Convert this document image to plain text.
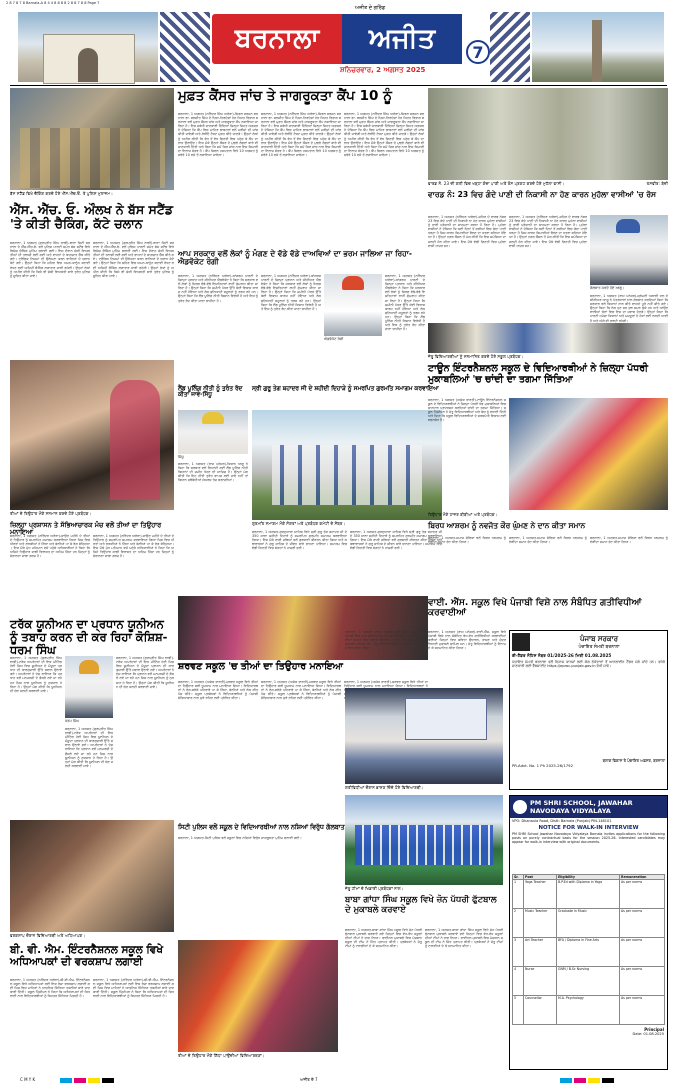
2 8 7 8 7 8 Barnala-A 8 4 4 8 8 8 8 2 8 8 7 8 8 Page 7
ਬਰਨਾਲਾ	ਅਜੀਤ
ਅਜੀਤ ਦੇ ਗਰਿੱਡ
ਸ਼ਨਿਚਰਵਾਰ, 2 ਅਗਸਤ 2025
7
ਬੱਸ ਸਟੈਂਡ ਵਿਖੇ ਚੈਕਿੰਗ ਕਰਦੇ ਹੋਏ ਐੱਸ.ਐੱਚ.ਓ. ਤੇ ਪੁਲਿਸ ਮੁਲਾਜ਼ਮ।
ਐੱਸ. ਐੱਚ. ਓ. ਔਲਖ ਨੇ ਬੱਸ ਸਟੈਂਡ 'ਤੇ ਕੀਤੀ ਚੈਕਿੰਗ, ਕੱਟੇ ਚਲਾਨ
ਬਰਨਾਲਾ, 1 ਅਗਸਤ (ਗੁਰਪ੍ਰੀਤ ਸਿੰਘ ਲਾਡੀ)-ਥਾਣਾ ਸਿਟੀ ਬਰਨਾਲਾ ਦੇ ਐੱਸ.ਐੱਚ.ਓ. ਵਲੋਂ ਪੁਲਿਸ ਪਾਰਟੀ ਸਮੇਤ ਬੱਸ ਸਟੈਂਡ ਵਿਖੇ ਵਿਸ਼ੇਸ਼ ਚੈਕਿੰਗ ਮੁਹਿੰਮ ਚਲਾਈ ਗਈ। ਇਸ ਦੌਰਾਨ ਸ਼ੱਕੀ ਵਿਅਕਤੀਆਂ ਦੀ ਤਲਾਸ਼ੀ ਲਈ ਗਈ ਅਤੇ ਵਾਹਨਾਂ ਦੇ ਕਾਗ਼ਜ਼ਾਤ ਚੈੱਕ ਕੀਤੇ ਗਏ। ਟ੍ਰੈਫ਼ਿਕ ਨਿਯਮਾਂ ਦੀ ਉਲੰਘਣਾ ਕਰਨ ਵਾਲਿਆਂ ਦੇ ਚਲਾਨ ਕੱਟੇ ਗਏ। ਉਨ੍ਹਾਂ ਕਿਹਾ ਕਿ ਸ਼ਹਿਰ ਵਿਚ ਅਮਨ-ਕਾਨੂੰਨ ਬਣਾਈ ਰੱਖਣ ਲਈ ਅਜਿਹੀ ਚੈਕਿੰਗ ਲਗਾਤਾਰ ਜਾਰੀ ਰਹੇਗੀ। ਉਨ੍ਹਾਂ ਲੋਕਾਂ ਨੂੰ ਅਪੀਲ ਕੀਤੀ ਕਿ ਕਿਸੇ ਵੀ ਸ਼ੱਕੀ ਵਿਅਕਤੀ ਬਾਰੇ ਤੁਰੰਤ ਪੁਲਿਸ ਨੂੰ ਸੂਚਿਤ ਕੀਤਾ ਜਾਵੇ।
ਬਰਨਾਲਾ, 1 ਅਗਸਤ (ਗੁਰਪ੍ਰੀਤ ਸਿੰਘ ਲਾਡੀ)-ਥਾਣਾ ਸਿਟੀ ਬਰਨਾਲਾ ਦੇ ਐੱਸ.ਐੱਚ.ਓ. ਵਲੋਂ ਪੁਲਿਸ ਪਾਰਟੀ ਸਮੇਤ ਬੱਸ ਸਟੈਂਡ ਵਿਖੇ ਵਿਸ਼ੇਸ਼ ਚੈਕਿੰਗ ਮੁਹਿੰਮ ਚਲਾਈ ਗਈ। ਇਸ ਦੌਰਾਨ ਸ਼ੱਕੀ ਵਿਅਕਤੀਆਂ ਦੀ ਤਲਾਸ਼ੀ ਲਈ ਗਈ ਅਤੇ ਵਾਹਨਾਂ ਦੇ ਕਾਗ਼ਜ਼ਾਤ ਚੈੱਕ ਕੀਤੇ ਗਏ। ਟ੍ਰੈਫ਼ਿਕ ਨਿਯਮਾਂ ਦੀ ਉਲੰਘਣਾ ਕਰਨ ਵਾਲਿਆਂ ਦੇ ਚਲਾਨ ਕੱਟੇ ਗਏ। ਉਨ੍ਹਾਂ ਕਿਹਾ ਕਿ ਸ਼ਹਿਰ ਵਿਚ ਅਮਨ-ਕਾਨੂੰਨ ਬਣਾਈ ਰੱਖਣ ਲਈ ਅਜਿਹੀ ਚੈਕਿੰਗ ਲਗਾਤਾਰ ਜਾਰੀ ਰਹੇਗੀ। ਉਨ੍ਹਾਂ ਲੋਕਾਂ ਨੂੰ ਅਪੀਲ ਕੀਤੀ ਕਿ ਕਿਸੇ ਵੀ ਸ਼ੱਕੀ ਵਿਅਕਤੀ ਬਾਰੇ ਤੁਰੰਤ ਪੁਲਿਸ ਨੂੰ ਸੂਚਿਤ ਕੀਤਾ ਜਾਵੇ।
ਤੀਆਂ ਦੇ ਤਿਉਹਾਰ ਮੌਕੇ ਸਨਮਾਨ ਕਰਦੇ ਹੋਏ ਪ੍ਰਬੰਧਕ।
ਜ਼ਿਲ੍ਹਾ ਪ੍ਰਸ਼ਾਸਨ ਤੇ ਸੱਭਿਆਚਾਰਕ ਮੰਚ ਵਲੋਂ ਤੀਆਂ ਦਾ ਤਿਉਹਾਰ ਮਨਾਇਆ
ਬਰਨਾਲਾ, 1 ਅਗਸਤ (ਨਰਿੰਦਰ ਅਰੋੜਾ)-ਸਾਉਣ ਮਹੀਨੇ ਦੇ ਤੀਆਂ ਦੇ ਤਿਉਹਾਰ ਨੂੰ ਸਮਰਪਿਤ ਸਮਾਗਮ ਕਰਵਾਇਆ ਗਿਆ ਜਿਸ ਵਿਚ ਔਰਤਾਂ ਅਤੇ ਲੜਕੀਆਂ ਨੇ ਗਿੱਧਾ ਅਤੇ ਬੋਲੀਆਂ ਪਾ ਕੇ ਰੰਗ ਬੰਨ੍ਹਿਆ। ਇਸ ਮੌਕੇ ਮੁੱਖ ਮਹਿਮਾਨ ਵਜੋਂ ਪਹੁੰਚੇ ਅਧਿਕਾਰੀਆਂ ਨੇ ਕਿਹਾ ਕਿ ਅਜਿਹੇ ਤਿਉਹਾਰ ਸਾਡੀ ਵਿਰਾਸਤ ਦਾ ਅਹਿਮ ਹਿੱਸਾ ਹਨ ਜਿਨ੍ਹਾਂ ਨੂੰ ਸੰਭਾਲਣਾ ਸਾਡਾ ਫ਼ਰਜ਼ ਹੈ।
ਬਰਨਾਲਾ, 1 ਅਗਸਤ (ਨਰਿੰਦਰ ਅਰੋੜਾ)-ਸਾਉਣ ਮਹੀਨੇ ਦੇ ਤੀਆਂ ਦੇ ਤਿਉਹਾਰ ਨੂੰ ਸਮਰਪਿਤ ਸਮਾਗਮ ਕਰਵਾਇਆ ਗਿਆ ਜਿਸ ਵਿਚ ਔਰਤਾਂ ਅਤੇ ਲੜਕੀਆਂ ਨੇ ਗਿੱਧਾ ਅਤੇ ਬੋਲੀਆਂ ਪਾ ਕੇ ਰੰਗ ਬੰਨ੍ਹਿਆ। ਇਸ ਮੌਕੇ ਮੁੱਖ ਮਹਿਮਾਨ ਵਜੋਂ ਪਹੁੰਚੇ ਅਧਿਕਾਰੀਆਂ ਨੇ ਕਿਹਾ ਕਿ ਅਜਿਹੇ ਤਿਉਹਾਰ ਸਾਡੀ ਵਿਰਾਸਤ ਦਾ ਅਹਿਮ ਹਿੱਸਾ ਹਨ ਜਿਨ੍ਹਾਂ ਨੂੰ ਸੰਭਾਲਣਾ ਸਾਡਾ ਫ਼ਰਜ਼ ਹੈ।
ਟਰੱਕ ਯੂਨੀਅਨ ਦਾ ਪ੍ਰਧਾਨ ਯੂਨੀਅਨ ਨੂੰ ਤਬਾਹ ਕਰਨ ਦੀ ਕਰ ਰਿਹਾ ਕੋਸ਼ਿਸ਼-ਧਰਮ ਸਿੰਘ
ਬਰਨਾਲਾ, 1 ਅਗਸਤ (ਗੁਰਪ੍ਰੀਤ ਸਿੰਘ ਲਾਡੀ)-ਟਰੱਕ ਅਪਰੇਟਰਾਂ ਦੀ ਇਕ ਮੀਟਿੰਗ ਹੋਈ ਜਿਸ ਵਿਚ ਯੂਨੀਅਨ ਦੇ ਮੌਜੂਦਾ ਪ੍ਰਧਾਨ ਦੀ ਕਾਰਗੁਜ਼ਾਰੀ ਉੱਤੇ ਸਵਾਲ ਉਠਾਏ ਗਏ। ਅਪਰੇਟਰਾਂ ਨੇ ਦੋਸ਼ ਲਾਇਆ ਕਿ ਪ੍ਰਧਾਨ ਵਲੋਂ ਮਨਮਰਜ਼ੀ ਦੇ ਫ਼ੈਸਲੇ ਲਏ ਜਾ ਰਹੇ ਹਨ ਜਿਸ ਨਾਲ ਯੂਨੀਅਨ ਨੂੰ ਨੁਕਸਾਨ ਹੋ ਰਿਹਾ ਹੈ। ਉਨ੍ਹਾਂ ਮੰਗ ਕੀਤੀ ਕਿ ਯੂਨੀਅਨ ਦੀ ਚੋਣ ਜਲਦੀ ਕਰਵਾਈ ਜਾਵੇ।
ਧਰਮ ਸਿੰਘ
ਬਰਨਾਲਾ, 1 ਅਗਸਤ (ਗੁਰਪ੍ਰੀਤ ਸਿੰਘ ਲਾਡੀ)-ਟਰੱਕ ਅਪਰੇਟਰਾਂ ਦੀ ਇਕ ਮੀਟਿੰਗ ਹੋਈ ਜਿਸ ਵਿਚ ਯੂਨੀਅਨ ਦੇ ਮੌਜੂਦਾ ਪ੍ਰਧਾਨ ਦੀ ਕਾਰਗੁਜ਼ਾਰੀ ਉੱਤੇ ਸਵਾਲ ਉਠਾਏ ਗਏ। ਅਪਰੇਟਰਾਂ ਨੇ ਦੋਸ਼ ਲਾਇਆ ਕਿ ਪ੍ਰਧਾਨ ਵਲੋਂ ਮਨਮਰਜ਼ੀ ਦੇ ਫ਼ੈਸਲੇ ਲਏ ਜਾ ਰਹੇ ਹਨ ਜਿਸ ਨਾਲ ਯੂਨੀਅਨ ਨੂੰ ਨੁਕਸਾਨ ਹੋ ਰਿਹਾ ਹੈ। ਉਨ੍ਹਾਂ ਮੰਗ ਕੀਤੀ ਕਿ ਯੂਨੀਅਨ ਦੀ ਚੋਣ ਜਲਦੀ ਕਰਵਾਈ ਜਾਵੇ।
ਬਰਨਾਲਾ, 1 ਅਗਸਤ (ਗੁਰਪ੍ਰੀਤ ਸਿੰਘ ਲਾਡੀ)-ਟਰੱਕ ਅਪਰੇਟਰਾਂ ਦੀ ਇਕ ਮੀਟਿੰਗ ਹੋਈ ਜਿਸ ਵਿਚ ਯੂਨੀਅਨ ਦੇ ਮੌਜੂਦਾ ਪ੍ਰਧਾਨ ਦੀ ਕਾਰਗੁਜ਼ਾਰੀ ਉੱਤੇ ਸਵਾਲ ਉਠਾਏ ਗਏ। ਅਪਰੇਟਰਾਂ ਨੇ ਦੋਸ਼ ਲਾਇਆ ਕਿ ਪ੍ਰਧਾਨ ਵਲੋਂ ਮਨਮਰਜ਼ੀ ਦੇ ਫ਼ੈਸਲੇ ਲਏ ਜਾ ਰਹੇ ਹਨ ਜਿਸ ਨਾਲ ਯੂਨੀਅਨ ਨੂੰ ਨੁਕਸਾਨ ਹੋ ਰਿਹਾ ਹੈ। ਉਨ੍ਹਾਂ ਮੰਗ ਕੀਤੀ ਕਿ ਯੂਨੀਅਨ ਦੀ ਚੋਣ ਜਲਦੀ ਕਰਵਾਈ ਜਾਵੇ।
ਵਰਕਸ਼ਾਪ ਦੌਰਾਨ ਵਿਦਿਆਰਥੀ ਅਤੇ ਅਧਿਆਪਕ।
ਬੀ. ਵੀ. ਐਮ. ਇੰਟਰਨੈਸ਼ਨਲ ਸਕੂਲ ਵਿਖੇ ਅਧਿਆਪਕਾਂ ਦੀ ਵਰਕਸ਼ਾਪ ਲਗਾਈ
ਬਰਨਾਲਾ, 1 ਅਗਸਤ (ਨਰਿੰਦਰ ਅਰੋੜਾ)-ਬੀ.ਵੀ.ਐਮ. ਇੰਟਰਨੈਸ਼ਨਲ ਸਕੂਲ ਵਿਖੇ ਅਧਿਆਪਕਾਂ ਲਈ ਇਕ ਰੋਜ਼ਾ ਵਰਕਸ਼ਾਪ ਲਗਾਈ ਗਈ ਜਿਸ ਵਿਚ ਮਾਹਿਰਾਂ ਨੇ ਆਧੁਨਿਕ ਸਿੱਖਿਆ ਤਕਨੀਕਾਂ ਬਾਰੇ ਜਾਣਕਾਰੀ ਦਿੱਤੀ। ਸਕੂਲ ਪਿ੍ੰਸੀਪਲ ਨੇ ਕਿਹਾ ਕਿ ਅਧਿਆਪਕਾਂ ਦੀ ਸਿਖਲਾਈ ਨਾਲ ਵਿਦਿਆਰਥੀਆਂ ਨੂੰ ਬਿਹਤਰ ਸਿੱਖਿਆ ਮਿਲਦੀ ਹੈ।
ਬਰਨਾਲਾ, 1 ਅਗਸਤ (ਨਰਿੰਦਰ ਅਰੋੜਾ)-ਬੀ.ਵੀ.ਐਮ. ਇੰਟਰਨੈਸ਼ਨਲ ਸਕੂਲ ਵਿਖੇ ਅਧਿਆਪਕਾਂ ਲਈ ਇਕ ਰੋਜ਼ਾ ਵਰਕਸ਼ਾਪ ਲਗਾਈ ਗਈ ਜਿਸ ਵਿਚ ਮਾਹਿਰਾਂ ਨੇ ਆਧੁਨਿਕ ਸਿੱਖਿਆ ਤਕਨੀਕਾਂ ਬਾਰੇ ਜਾਣਕਾਰੀ ਦਿੱਤੀ। ਸਕੂਲ ਪਿ੍ੰਸੀਪਲ ਨੇ ਕਿਹਾ ਕਿ ਅਧਿਆਪਕਾਂ ਦੀ ਸਿਖਲਾਈ ਨਾਲ ਵਿਦਿਆਰਥੀਆਂ ਨੂੰ ਬਿਹਤਰ ਸਿੱਖਿਆ ਮਿਲਦੀ ਹੈ।
ਮੁਫ਼ਤ ਕੈਂਸਰ ਜਾਂਚ ਤੇ ਜਾਗਰੂਕਤਾ ਕੈਂਪ 10 ਨੂੰ
ਬਰਨਾਲਾ, 1 ਅਗਸਤ (ਨਰਿੰਦਰ ਸਿੰਘ ਅਰੋੜਾ)-ਸਿਵਲ ਸਰਜਨ ਬਰਨਾਲਾ ਡਾ. ਬਲਜੀਤ ਸਿੰਘ ਦੇ ਦਿਸ਼ਾ-ਨਿਰਦੇਸ਼ਾਂ ਹੇਠ ਸਿਹਤ ਵਿਭਾਗ ਬਰਨਾਲਾ ਵਲੋਂ ਮੁਫ਼ਤ ਕੈਂਸਰ ਜਾਂਚ ਅਤੇ ਜਾਗਰੂਕਤਾ ਕੈਂਪ ਲਗਾਇਆ ਜਾ ਰਿਹਾ ਹੈ। ਇਸ ਸਬੰਧੀ ਜਾਣਕਾਰੀ ਦਿੰਦਿਆਂ ਜ਼ਿਲ੍ਹਾ ਸਿਹਤ ਅਫ਼ਸਰ ਨੇ ਦੱਸਿਆ ਕਿ ਕੈਂਪ ਵਿਚ ਮਾਹਿਰ ਡਾਕਟਰਾਂ ਵਲੋਂ ਮਰੀਜ਼ਾਂ ਦੀ ਜਾਂਚ ਕੀਤੀ ਜਾਵੇਗੀ ਅਤੇ ਲੋੜੀਂਦੇ ਟੈਸਟ ਮੁਫ਼ਤ ਕੀਤੇ ਜਾਣਗੇ। ਉਨ੍ਹਾਂ ਲੋਕਾਂ ਨੂੰ ਅਪੀਲ ਕੀਤੀ ਕਿ ਵੱਧ ਤੋਂ ਵੱਧ ਗਿਣਤੀ ਵਿਚ ਪਹੁੰਚ ਕੇ ਕੈਂਪ ਦਾ ਲਾਭ ਉਠਾਉਣ। ਇਸ ਮੌਕੇ ਉਨ੍ਹਾਂ ਕੈਂਸਰ ਦੇ ਮੁਢਲੇ ਲੱਛਣਾਂ ਬਾਰੇ ਵੀ ਜਾਣਕਾਰੀ ਦਿੱਤੀ ਅਤੇ ਕਿਹਾ ਕਿ ਸਮੇਂ ਸਿਰ ਜਾਂਚ ਨਾਲ ਇਸ ਬਿਮਾਰੀ ਦਾ ਇਲਾਜ ਸੰਭਵ ਹੈ। ਕੈਂਪ ਸਿਵਲ ਹਸਪਤਾਲ ਵਿਖੇ 10 ਅਗਸਤ ਨੂੰ ਸਵੇਰੇ 10 ਵਜੇ ਤੋਂ ਲਗਾਇਆ ਜਾਵੇਗਾ।
ਬਰਨਾਲਾ, 1 ਅਗਸਤ (ਨਰਿੰਦਰ ਸਿੰਘ ਅਰੋੜਾ)-ਸਿਵਲ ਸਰਜਨ ਬਰਨਾਲਾ ਡਾ. ਬਲਜੀਤ ਸਿੰਘ ਦੇ ਦਿਸ਼ਾ-ਨਿਰਦੇਸ਼ਾਂ ਹੇਠ ਸਿਹਤ ਵਿਭਾਗ ਬਰਨਾਲਾ ਵਲੋਂ ਮੁਫ਼ਤ ਕੈਂਸਰ ਜਾਂਚ ਅਤੇ ਜਾਗਰੂਕਤਾ ਕੈਂਪ ਲਗਾਇਆ ਜਾ ਰਿਹਾ ਹੈ। ਇਸ ਸਬੰਧੀ ਜਾਣਕਾਰੀ ਦਿੰਦਿਆਂ ਜ਼ਿਲ੍ਹਾ ਸਿਹਤ ਅਫ਼ਸਰ ਨੇ ਦੱਸਿਆ ਕਿ ਕੈਂਪ ਵਿਚ ਮਾਹਿਰ ਡਾਕਟਰਾਂ ਵਲੋਂ ਮਰੀਜ਼ਾਂ ਦੀ ਜਾਂਚ ਕੀਤੀ ਜਾਵੇਗੀ ਅਤੇ ਲੋੜੀਂਦੇ ਟੈਸਟ ਮੁਫ਼ਤ ਕੀਤੇ ਜਾਣਗੇ। ਉਨ੍ਹਾਂ ਲੋਕਾਂ ਨੂੰ ਅਪੀਲ ਕੀਤੀ ਕਿ ਵੱਧ ਤੋਂ ਵੱਧ ਗਿਣਤੀ ਵਿਚ ਪਹੁੰਚ ਕੇ ਕੈਂਪ ਦਾ ਲਾਭ ਉਠਾਉਣ। ਇਸ ਮੌਕੇ ਉਨ੍ਹਾਂ ਕੈਂਸਰ ਦੇ ਮੁਢਲੇ ਲੱਛਣਾਂ ਬਾਰੇ ਵੀ ਜਾਣਕਾਰੀ ਦਿੱਤੀ ਅਤੇ ਕਿਹਾ ਕਿ ਸਮੇਂ ਸਿਰ ਜਾਂਚ ਨਾਲ ਇਸ ਬਿਮਾਰੀ ਦਾ ਇਲਾਜ ਸੰਭਵ ਹੈ। ਕੈਂਪ ਸਿਵਲ ਹਸਪਤਾਲ ਵਿਖੇ 10 ਅਗਸਤ ਨੂੰ ਸਵੇਰੇ 10 ਵਜੇ ਤੋਂ ਲਗਾਇਆ ਜਾਵੇਗਾ।
ਬਰਨਾਲਾ, 1 ਅਗਸਤ (ਨਰਿੰਦਰ ਸਿੰਘ ਅਰੋੜਾ)-ਸਿਵਲ ਸਰਜਨ ਬਰਨਾਲਾ ਡਾ. ਬਲਜੀਤ ਸਿੰਘ ਦੇ ਦਿਸ਼ਾ-ਨਿਰਦੇਸ਼ਾਂ ਹੇਠ ਸਿਹਤ ਵਿਭਾਗ ਬਰਨਾਲਾ ਵਲੋਂ ਮੁਫ਼ਤ ਕੈਂਸਰ ਜਾਂਚ ਅਤੇ ਜਾਗਰੂਕਤਾ ਕੈਂਪ ਲਗਾਇਆ ਜਾ ਰਿਹਾ ਹੈ। ਇਸ ਸਬੰਧੀ ਜਾਣਕਾਰੀ ਦਿੰਦਿਆਂ ਜ਼ਿਲ੍ਹਾ ਸਿਹਤ ਅਫ਼ਸਰ ਨੇ ਦੱਸਿਆ ਕਿ ਕੈਂਪ ਵਿਚ ਮਾਹਿਰ ਡਾਕਟਰਾਂ ਵਲੋਂ ਮਰੀਜ਼ਾਂ ਦੀ ਜਾਂਚ ਕੀਤੀ ਜਾਵੇਗੀ ਅਤੇ ਲੋੜੀਂਦੇ ਟੈਸਟ ਮੁਫ਼ਤ ਕੀਤੇ ਜਾਣਗੇ। ਉਨ੍ਹਾਂ ਲੋਕਾਂ ਨੂੰ ਅਪੀਲ ਕੀਤੀ ਕਿ ਵੱਧ ਤੋਂ ਵੱਧ ਗਿਣਤੀ ਵਿਚ ਪਹੁੰਚ ਕੇ ਕੈਂਪ ਦਾ ਲਾਭ ਉਠਾਉਣ। ਇਸ ਮੌਕੇ ਉਨ੍ਹਾਂ ਕੈਂਸਰ ਦੇ ਮੁਢਲੇ ਲੱਛਣਾਂ ਬਾਰੇ ਵੀ ਜਾਣਕਾਰੀ ਦਿੱਤੀ ਅਤੇ ਕਿਹਾ ਕਿ ਸਮੇਂ ਸਿਰ ਜਾਂਚ ਨਾਲ ਇਸ ਬਿਮਾਰੀ ਦਾ ਇਲਾਜ ਸੰਭਵ ਹੈ। ਕੈਂਪ ਸਿਵਲ ਹਸਪਤਾਲ ਵਿਖੇ 10 ਅਗਸਤ ਨੂੰ ਸਵੇਰੇ 10 ਵਜੇ ਤੋਂ ਲਗਾਇਆ ਜਾਵੇਗਾ।
ਆਪ ਸਰਕਾਰ ਵਲੋਂ ਲੋਕਾਂ ਨੂੰ ਮੰਗਣ ਦੇ ਵੱਡੇ ਵੱਡੇ ਦਾਅਵਿਆਂ ਦਾ ਭਰਮ ਜਾਲਿਆ ਜਾ ਰਿਹਾ-ਐਡਵੋਕੇਟ ਰੰਗੀ
ਬਰਨਾਲਾ, 1 ਅਗਸਤ (ਨਰਿੰਦਰ ਅਰੋੜਾ)-ਕਾਂਗਰਸ ਪਾਰਟੀ ਦੇ ਜ਼ਿਲ੍ਹਾ ਪ੍ਰਧਾਨ ਅਤੇ ਸੀਨੀਅਰ ਐਡਵੋਕੇਟ ਨੇ ਕਿਹਾ ਕਿ ਸਰਕਾਰ ਵਲੋਂ ਲੋਕਾਂ ਨੂੰ ਸਿਰਫ਼ ਵੱਡੇ-ਵੱਡੇ ਇਸ਼ਤਿਹਾਰਾਂ ਰਾਹੀਂ ਗੁੰਮਰਾਹ ਕੀਤਾ ਜਾ ਰਿਹਾ ਹੈ। ਉਨ੍ਹਾਂ ਕਿਹਾ ਕਿ ਜ਼ਮੀਨੀ ਪੱਧਰ ਉੱਤੇ ਕੋਈ ਵਿਕਾਸ ਕਾਰਜ ਨਹੀਂ ਹੋਇਆ ਅਤੇ ਲੋਕ ਬੁਨਿਆਦੀ ਸਹੂਲਤਾਂ ਨੂੰ ਤਰਸ ਰਹੇ ਹਨ। ਉਨ੍ਹਾਂ ਕਿਹਾ ਕਿ ਲੈਂਡ ਪੂਲਿੰਗ ਨੀਤੀ ਕਿਸਾਨ ਵਿਰੋਧੀ ਹੈ ਅਤੇ ਇਸ ਨੂੰ ਤੁਰੰਤ ਰੱਦ ਕੀਤਾ ਜਾਣਾ ਚਾਹੀਦਾ ਹੈ।
ਬਰਨਾਲਾ, 1 ਅਗਸਤ (ਨਰਿੰਦਰ ਅਰੋੜਾ)-ਕਾਂਗਰਸ ਪਾਰਟੀ ਦੇ ਜ਼ਿਲ੍ਹਾ ਪ੍ਰਧਾਨ ਅਤੇ ਸੀਨੀਅਰ ਐਡਵੋਕੇਟ ਨੇ ਕਿਹਾ ਕਿ ਸਰਕਾਰ ਵਲੋਂ ਲੋਕਾਂ ਨੂੰ ਸਿਰਫ਼ ਵੱਡੇ-ਵੱਡੇ ਇਸ਼ਤਿਹਾਰਾਂ ਰਾਹੀਂ ਗੁੰਮਰਾਹ ਕੀਤਾ ਜਾ ਰਿਹਾ ਹੈ। ਉਨ੍ਹਾਂ ਕਿਹਾ ਕਿ ਜ਼ਮੀਨੀ ਪੱਧਰ ਉੱਤੇ ਕੋਈ ਵਿਕਾਸ ਕਾਰਜ ਨਹੀਂ ਹੋਇਆ ਅਤੇ ਲੋਕ ਬੁਨਿਆਦੀ ਸਹੂਲਤਾਂ ਨੂੰ ਤਰਸ ਰਹੇ ਹਨ। ਉਨ੍ਹਾਂ ਕਿਹਾ ਕਿ ਲੈਂਡ ਪੂਲਿੰਗ ਨੀਤੀ ਕਿਸਾਨ ਵਿਰੋਧੀ ਹੈ ਅਤੇ ਇਸ ਨੂੰ ਤੁਰੰਤ ਰੱਦ ਕੀਤਾ ਜਾਣਾ ਚਾਹੀਦਾ ਹੈ।
ਐਡਵੋਕੇਟ ਰੰਗੀ
ਬਰਨਾਲਾ, 1 ਅਗਸਤ (ਨਰਿੰਦਰ ਅਰੋੜਾ)-ਕਾਂਗਰਸ ਪਾਰਟੀ ਦੇ ਜ਼ਿਲ੍ਹਾ ਪ੍ਰਧਾਨ ਅਤੇ ਸੀਨੀਅਰ ਐਡਵੋਕੇਟ ਨੇ ਕਿਹਾ ਕਿ ਸਰਕਾਰ ਵਲੋਂ ਲੋਕਾਂ ਨੂੰ ਸਿਰਫ਼ ਵੱਡੇ-ਵੱਡੇ ਇਸ਼ਤਿਹਾਰਾਂ ਰਾਹੀਂ ਗੁੰਮਰਾਹ ਕੀਤਾ ਜਾ ਰਿਹਾ ਹੈ। ਉਨ੍ਹਾਂ ਕਿਹਾ ਕਿ ਜ਼ਮੀਨੀ ਪੱਧਰ ਉੱਤੇ ਕੋਈ ਵਿਕਾਸ ਕਾਰਜ ਨਹੀਂ ਹੋਇਆ ਅਤੇ ਲੋਕ ਬੁਨਿਆਦੀ ਸਹੂਲਤਾਂ ਨੂੰ ਤਰਸ ਰਹੇ ਹਨ। ਉਨ੍ਹਾਂ ਕਿਹਾ ਕਿ ਲੈਂਡ ਪੂਲਿੰਗ ਨੀਤੀ ਕਿਸਾਨ ਵਿਰੋਧੀ ਹੈ ਅਤੇ ਇਸ ਨੂੰ ਤੁਰੰਤ ਰੱਦ ਕੀਤਾ ਜਾਣਾ ਚਾਹੀਦਾ ਹੈ।
ਲੈਂਡ ਪੂਲਿੰਗ ਨੀਤੀ ਨੂੰ ਤੁਰੰਤ ਰੱਦ ਕੀਤਾ ਜਾਵੇ-ਸਿੱਧੂ
ਸਿੱਧੂ
ਬਰਨਾਲਾ, 1 ਅਗਸਤ (ਰਾਜ ਪਨੇਸਰ)-ਕਿਸਾਨ ਆਗੂ ਨੇ ਕਿਹਾ ਕਿ ਸਰਕਾਰ ਵਲੋਂ ਲਿਆਂਦੀ ਗਈ ਲੈਂਡ ਪੂਲਿੰਗ ਨੀਤੀ ਕਿਸਾਨਾਂ ਦੀ ਜ਼ਮੀਨ ਖੋਹਣ ਦੀ ਸਾਜ਼ਿਸ਼ ਹੈ। ਉਨ੍ਹਾਂ ਮੰਗ ਕੀਤੀ ਕਿ ਇਹ ਨੀਤੀ ਤੁਰੰਤ ਵਾਪਸ ਲਈ ਜਾਵੇ ਨਹੀਂ ਤਾਂ ਕਿਸਾਨ ਜਥੇਬੰਦੀਆਂ ਸੰਘਰਸ਼ ਤੇਜ਼ ਕਰਨਗੀਆਂ।
ਸ੍ਰੀ ਗੁਰੂ ਤੇਗ ਬਹਾਦਰ ਜੀ ਦੇ ਸ਼ਹੀਦੀ ਦਿਹਾੜੇ ਨੂੰ ਸਮਰਪਿਤ ਗੁਰਮਤਿ ਸਮਾਗਮ ਕਰਵਾਇਆ
ਗੁਰਮਤਿ ਸਮਾਗਮ ਮੌਕੇ ਸੰਗਤਾਂ ਅਤੇ ਪ੍ਰਬੰਧਕ ਕਮੇਟੀ ਦੇ ਮੈਂਬਰ।
ਬਰਨਾਲਾ, 1 ਅਗਸਤ-ਗੁਰਦੁਆਰਾ ਸਾਹਿਬ ਵਿਖੇ ਸ੍ਰੀ ਗੁਰੂ ਤੇਗ ਬਹਾਦਰ ਜੀ ਦੇ 350 ਸਾਲਾ ਸ਼ਹੀਦੀ ਦਿਹਾੜੇ ਨੂੰ ਸਮਰਪਿਤ ਗੁਰਮਤਿ ਸਮਾਗਮ ਕਰਵਾਇਆ ਗਿਆ। ਇਸ ਮੌਕੇ ਰਾਗੀ ਜਥਿਆਂ ਵਲੋਂ ਗੁਰਬਾਣੀ ਕੀਰਤਨ ਕੀਤਾ ਗਿਆ ਅਤੇ ਕਥਾਵਾਚਕਾਂ ਨੇ ਗੁਰੂ ਸਾਹਿਬ ਦੇ ਜੀਵਨ ਬਾਰੇ ਚਾਨਣਾ ਪਾਇਆ। ਸਮਾਗਮ ਵਿਚ ਵੱਡੀ ਗਿਣਤੀ ਵਿਚ ਸੰਗਤਾਂ ਨੇ ਹਾਜ਼ਰੀ ਭਰੀ।
ਬਰਨਾਲਾ, 1 ਅਗਸਤ-ਗੁਰਦੁਆਰਾ ਸਾਹਿਬ ਵਿਖੇ ਸ੍ਰੀ ਗੁਰੂ ਤੇਗ ਬਹਾਦਰ ਜੀ ਦੇ 350 ਸਾਲਾ ਸ਼ਹੀਦੀ ਦਿਹਾੜੇ ਨੂੰ ਸਮਰਪਿਤ ਗੁਰਮਤਿ ਸਮਾਗਮ ਕਰਵਾਇਆ ਗਿਆ। ਇਸ ਮੌਕੇ ਰਾਗੀ ਜਥਿਆਂ ਵਲੋਂ ਗੁਰਬਾਣੀ ਕੀਰਤਨ ਕੀਤਾ ਗਿਆ ਅਤੇ ਕਥਾਵਾਚਕਾਂ ਨੇ ਗੁਰੂ ਸਾਹਿਬ ਦੇ ਜੀਵਨ ਬਾਰੇ ਚਾਨਣਾ ਪਾਇਆ। ਸਮਾਗਮ ਵਿਚ ਵੱਡੀ ਗਿਣਤੀ ਵਿਚ ਸੰਗਤਾਂ ਨੇ ਹਾਜ਼ਰੀ ਭਰੀ।
ਸ਼ਰਵਣ ਸਕੂਲ 'ਚ ਤੀਆਂ ਦਾ ਤਿਉਹਾਰ ਮਨਾਇਆ
ਬਰਨਾਲਾ, 1 ਅਗਸਤ (ਅਸ਼ੋਕ ਭਾਰਤੀ)-ਸ਼ਰਵਣ ਸਕੂਲ ਵਿਖੇ ਤੀਆਂ ਦਾ ਤਿਉਹਾਰ ਬੜੀ ਧੂਮਧਾਮ ਨਾਲ ਮਨਾਇਆ ਗਿਆ। ਵਿਦਿਆਰਥਣਾਂ ਨੇ ਰੰਗ-ਬਰੰਗੇ ਪਹਿਰਾਵੇ ਪਾ ਕੇ ਗਿੱਧਾ, ਬੋਲੀਆਂ ਅਤੇ ਲੋਕ ਗੀਤ ਪੇਸ਼ ਕੀਤੇ। ਸਕੂਲ ਪ੍ਰਬੰਧਕਾਂ ਨੇ ਵਿਦਿਆਰਥੀਆਂ ਨੂੰ ਪੰਜਾਬੀ ਸੱਭਿਆਚਾਰ ਨਾਲ ਜੁੜੇ ਰਹਿਣ ਲਈ ਪ੍ਰੇਰਿਤ ਕੀਤਾ।
ਬਰਨਾਲਾ, 1 ਅਗਸਤ (ਅਸ਼ੋਕ ਭਾਰਤੀ)-ਸ਼ਰਵਣ ਸਕੂਲ ਵਿਖੇ ਤੀਆਂ ਦਾ ਤਿਉਹਾਰ ਬੜੀ ਧੂਮਧਾਮ ਨਾਲ ਮਨਾਇਆ ਗਿਆ। ਵਿਦਿਆਰਥਣਾਂ ਨੇ ਰੰਗ-ਬਰੰਗੇ ਪਹਿਰਾਵੇ ਪਾ ਕੇ ਗਿੱਧਾ, ਬੋਲੀਆਂ ਅਤੇ ਲੋਕ ਗੀਤ ਪੇਸ਼ ਕੀਤੇ। ਸਕੂਲ ਪ੍ਰਬੰਧਕਾਂ ਨੇ ਵਿਦਿਆਰਥੀਆਂ ਨੂੰ ਪੰਜਾਬੀ ਸੱਭਿਆਚਾਰ ਨਾਲ ਜੁੜੇ ਰਹਿਣ ਲਈ ਪ੍ਰੇਰਿਤ ਕੀਤਾ।
ਬਰਨਾਲਾ, 1 ਅਗਸਤ (ਅਸ਼ੋਕ ਭਾਰਤੀ)-ਸ਼ਰਵਣ ਸਕੂਲ ਵਿਖੇ ਤੀਆਂ ਦਾ ਤਿਉਹਾਰ ਬੜੀ ਧੂਮਧਾਮ ਨਾਲ ਮਨਾਇਆ ਗਿਆ। ਵਿਦਿਆਰਥਣਾਂ ਨੇ
ਸਿਟੀ ਪੁਲਿਸ ਵਲੋਂ ਸਕੂਲ ਦੇ ਵਿਦਿਆਰਥੀਆਂ ਨਾਲ ਨਸ਼ਿਆਂ ਵਿਰੁੱਧ ਗੱਲਬਾਤ
ਬਰਨਾਲਾ, 1 ਅਗਸਤ-ਸਿਟੀ ਪੁਲਿਸ ਵਲੋਂ ਸਕੂਲਾਂ ਵਿਚ ਨਸ਼ਿਆਂ ਵਿਰੁੱਧ ਜਾਗਰੂਕਤਾ ਮੁਹਿੰਮ ਚਲਾਈ ਗਈ।
ਤੀਆਂ ਦੇ ਤਿਉਹਾਰ ਮੌਕੇ ਗਿੱਧਾ ਪਾਉਂਦੀਆਂ ਵਿਦਿਆਰਥਣਾਂ।
ਵਾਰਡ ਨੰ. 23 ਦੀ ਗਲੀ ਵਿਚ ਖੜ੍ਹਾ ਗੰਦਾ ਪਾਣੀ ਅਤੇ ਰੋਸ ਪ੍ਰਗਟ ਕਰਦੇ ਹੋਏ ਮੁਹੱਲਾ ਵਾਸੀ।	ਤਸਵੀਰ: ਬੇਦੀ
ਵਾਰਡ ਨੰ: 23 ਵਿਚ ਗੰਦੇ ਪਾਣੀ ਦੀ ਨਿਕਾਸੀ ਨਾ ਹੋਣ ਕਾਰਨ ਮੁਹੱਲਾ ਵਾਸੀਆਂ 'ਚ ਰੋਸ
ਬਰਨਾਲਾ, 1 ਅਗਸਤ (ਨਰਿੰਦਰ ਅਰੋੜਾ)-ਸ਼ਹਿਰ ਦੇ ਵਾਰਡ ਨੰਬਰ 23 ਵਿਚ ਗੰਦੇ ਪਾਣੀ ਦੀ ਨਿਕਾਸੀ ਨਾ ਹੋਣ ਕਾਰਨ ਮੁਹੱਲਾ ਵਾਸੀਆਂ ਨੂੰ ਭਾਰੀ ਪ੍ਰੇਸ਼ਾਨੀ ਦਾ ਸਾਹਮਣਾ ਕਰਨਾ ਪੈ ਰਿਹਾ ਹੈ। ਮੁਹੱਲਾ ਵਾਸੀਆਂ ਨੇ ਦੱਸਿਆ ਕਿ ਕਈ ਦਿਨਾਂ ਤੋਂ ਗਲੀਆਂ ਵਿਚ ਗੰਦਾ ਪਾਣੀ ਖੜ੍ਹਾ ਹੈ ਜਿਸ ਕਾਰਨ ਬਿਮਾਰੀਆਂ ਫੈਲਣ ਦਾ ਖ਼ਤਰਾ ਬਣਿਆ ਹੋਇਆ ਹੈ। ਉਨ੍ਹਾਂ ਨਗਰ ਕੌਂਸਲ ਤੋਂ ਮੰਗ ਕੀਤੀ ਕਿ ਇਸ ਸਮੱਸਿਆ ਦਾ ਜਲਦੀ ਹੱਲ ਕੀਤਾ ਜਾਵੇ। ਇਸ ਮੌਕੇ ਵੱਡੀ ਗਿਣਤੀ ਵਿਚ ਮੁਹੱਲਾ ਵਾਸੀ ਹਾਜ਼ਰ ਸਨ।
ਬਰਨਾਲਾ, 1 ਅਗਸਤ (ਨਰਿੰਦਰ ਅਰੋੜਾ)-ਸ਼ਹਿਰ ਦੇ ਵਾਰਡ ਨੰਬਰ 23 ਵਿਚ ਗੰਦੇ ਪਾਣੀ ਦੀ ਨਿਕਾਸੀ ਨਾ ਹੋਣ ਕਾਰਨ ਮੁਹੱਲਾ ਵਾਸੀਆਂ ਨੂੰ ਭਾਰੀ ਪ੍ਰੇਸ਼ਾਨੀ ਦਾ ਸਾਹਮਣਾ ਕਰਨਾ ਪੈ ਰਿਹਾ ਹੈ। ਮੁਹੱਲਾ ਵਾਸੀਆਂ ਨੇ ਦੱਸਿਆ ਕਿ ਕਈ ਦਿਨਾਂ ਤੋਂ ਗਲੀਆਂ ਵਿਚ ਗੰਦਾ ਪਾਣੀ ਖੜ੍ਹਾ ਹੈ ਜਿਸ ਕਾਰਨ ਬਿਮਾਰੀਆਂ ਫੈਲਣ ਦਾ ਖ਼ਤਰਾ ਬਣਿਆ ਹੋਇਆ ਹੈ। ਉਨ੍ਹਾਂ ਨਗਰ ਕੌਂਸਲ ਤੋਂ ਮੰਗ ਕੀਤੀ ਕਿ ਇਸ ਸਮੱਸਿਆ ਦਾ ਜਲਦੀ ਹੱਲ ਕੀਤਾ ਜਾਵੇ। ਇਸ ਮੌਕੇ ਵੱਡੀ ਗਿਣਤੀ ਵਿਚ ਮੁਹੱਲਾ ਵਾਸੀ ਹਾਜ਼ਰ ਸਨ।
ਗੱਲਬਾਤ ਕਰਦੇ ਹੋਏ ਆਗੂ।
ਬਰਨਾਲਾ, 1 ਅਗਸਤ (ਰਾਜ ਪਨੇਸਰ)-ਸ਼੍ਰੋਮਣੀ ਅਕਾਲੀ ਦਲ ਦੇ ਸੀਨੀਅਰ ਆਗੂ ਨੇ ਪੱਤਰਕਾਰਾਂ ਨਾਲ ਗੱਲਬਾਤ ਕਰਦਿਆਂ ਕਿਹਾ ਕਿ ਸਰਕਾਰ ਵਲੋਂ ਕਿਸਾਨਾਂ ਨਾਲ ਕੀਤੇ ਵਾਅਦੇ ਪੂਰੇ ਨਹੀਂ ਕੀਤੇ ਗਏ। ਉਨ੍ਹਾਂ ਕਿਹਾ ਕਿ ਲੋਕ ਹੁਣ ਸਭ ਕੁਝ ਸਮਝ ਚੁੱਕੇ ਹਨ ਅਤੇ ਆਉਣ ਵਾਲੀਆਂ ਚੋਣਾਂ ਵਿਚ ਇਸ ਦਾ ਜਵਾਬ ਦੇਣਗੇ। ਉਨ੍ਹਾਂ ਕਿਹਾ ਕਿ ਪਾਰਟੀ ਹਮੇਸ਼ਾ ਕਿਸਾਨਾਂ ਅਤੇ ਮਜ਼ਦੂਰਾਂ ਦੇ ਹੱਕਾਂ ਲਈ ਲੜਦੀ ਆਈ ਹੈ ਅਤੇ ਅੱਗੇ ਵੀ ਲੜਦੀ ਰਹੇਗੀ।
ਜੇਤੂ ਵਿਦਿਆਰਥੀਆਂ ਨੂੰ ਸਨਮਾਨਿਤ ਕਰਦੇ ਹੋਏ ਸਕੂਲ ਪ੍ਰਬੰਧਕ।
ਟਾਊਨ ਇੰਟਰਨੈਸ਼ਨਲ ਸਕੂਲ ਦੇ ਵਿਦਿਆਰਥੀਆਂ ਨੇ ਜ਼ਿਲ੍ਹਾ ਪੱਧਰੀ ਮੁਕਾਬਲਿਆਂ 'ਚ ਚਾਂਦੀ ਦਾ ਤਗਮਾ ਜਿੱਤਿਆ
ਬਰਨਾਲਾ, 1 ਅਗਸਤ (ਅਸ਼ੋਕ ਭਾਰਤੀ)-ਟਾਊਨ ਇੰਟਰਨੈਸ਼ਨਲ ਸਕੂਲ ਦੇ ਵਿਦਿਆਰਥੀਆਂ ਨੇ ਜ਼ਿਲ੍ਹਾ ਪੱਧਰੀ ਖੇਡ ਮੁਕਾਬਲਿਆਂ ਵਿਚ ਸ਼ਾਨਦਾਰ ਪ੍ਰਦਰਸ਼ਨ ਕਰਦਿਆਂ ਚਾਂਦੀ ਦਾ ਤਗਮਾ ਜਿੱਤਿਆ। ਸਕੂਲ ਪਿ੍ੰਸੀਪਲ ਨੇ ਜੇਤੂ ਵਿਦਿਆਰਥੀਆਂ ਅਤੇ ਕੋਚ ਨੂੰ ਵਧਾਈ ਦਿੱਤੀ ਅਤੇ ਕਿਹਾ ਕਿ ਸਕੂਲ ਵਿਦਿਆਰਥੀਆਂ ਦੇ ਸਰਬਪੱਖੀ ਵਿਕਾਸ ਲਈ ਵਚਨਬੱਧ ਹੈ।
ਤਿਉਹਾਰ ਮੌਕੇ ਹਾਜ਼ਰ ਬੀਬੀਆਂ ਅਤੇ ਪ੍ਰਬੰਧਕ।
ਬਿਰਧ ਆਸ਼ਰਮ ਨੂੰ ਨਵਜੋਤ ਕੌਰ ਘੁੰਮਣ ਨੇ ਦਾਨ ਕੀਤਾ ਸਮਾਨ
ਬਰਨਾਲਾ, 1 ਅਗਸਤ-ਸਮਾਜ ਸੇਵਿਕਾ ਵਲੋਂ ਬਿਰਧ ਆਸ਼ਰਮ ਨੂੰ ਲੋੜੀਂਦਾ ਸਮਾਨ ਭੇਟ ਕੀਤਾ ਗਿਆ।
ਬਰਨਾਲਾ, 1 ਅਗਸਤ-ਸਮਾਜ ਸੇਵਿਕਾ ਵਲੋਂ ਬਿਰਧ ਆਸ਼ਰਮ ਨੂੰ ਲੋੜੀਂਦਾ ਸਮਾਨ ਭੇਟ ਕੀਤਾ ਗਿਆ।
ਬਰਨਾਲਾ, 1 ਅਗਸਤ-ਸਮਾਜ ਸੇਵਿਕਾ ਵਲੋਂ ਬਿਰਧ ਆਸ਼ਰਮ ਨੂੰ ਲੋੜੀਂਦਾ ਸਮਾਨ ਭੇਟ ਕੀਤਾ ਗਿਆ।
ਵਾਈ. ਐੱਸ. ਸਕੂਲ ਵਿਖੇ ਪੰਜਾਬੀ ਵਿਸ਼ੇ ਨਾਲ ਸੰਬੰਧਿਤ ਗਤੀਵਿਧੀਆਂ ਕਰਵਾਈਆਂ
ਬਰਨਾਲਾ, 1 ਅਗਸਤ (ਰਾਜ ਪਨੇਸਰ)-ਵਾਈ.ਐੱਸ. ਸਕੂਲ ਵਿਖੇ ਪੰਜਾਬੀ ਵਿਸ਼ੇ ਨਾਲ ਸੰਬੰਧਿਤ ਵੱਖ-ਵੱਖ ਗਤੀਵਿਧੀਆਂ ਕਰਵਾਈਆਂ ਗਈਆਂ ਜਿਨ੍ਹਾਂ ਵਿਚ ਕਵਿਤਾ ਉਚਾਰਨ, ਭਾਸ਼ਣ ਅਤੇ ਸੁੰਦਰ ਲਿਖਾਈ ਮੁਕਾਬਲੇ ਸ਼ਾਮਿਲ ਸਨ। ਜੇਤੂ ਵਿਦਿਆਰਥੀਆਂ ਨੂੰ ਇਨਾਮ ਦੇ ਕੇ ਸਨਮਾਨਿਤ ਕੀਤਾ ਗਿਆ।
ਬਰਨਾਲਾ, 1 ਅਗਸਤ (ਰਾਜ ਪਨੇਸਰ)-ਵਾਈ.ਐੱਸ. ਸਕੂਲ ਵਿਖੇ ਪੰਜਾਬੀ ਵਿਸ਼ੇ ਨਾਲ ਸੰਬੰਧਿਤ ਵੱਖ-ਵੱਖ ਗਤੀਵਿਧੀਆਂ ਕਰਵਾਈਆਂ ਗਈਆਂ ਜਿਨ੍ਹਾਂ ਵਿਚ ਕਵਿਤਾ ਉਚਾਰਨ, ਭਾਸ਼ਣ ਅਤੇ ਸੁੰਦਰ ਲਿਖਾਈ ਮੁਕਾਬਲੇ ਸ਼ਾਮਿਲ ਸਨ। ਜੇਤੂ ਵਿਦਿਆਰਥੀਆਂ ਨੂੰ ਇਨਾਮ ਦੇ ਕੇ ਸਨਮਾਨਿਤ ਕੀਤਾ ਗਿਆ।
ਗਤੀਵਿਧੀਆਂ ਦੌਰਾਨ ਭਾਸ਼ਣ ਦਿੰਦੇ ਹੋਏ ਵਿਦਿਆਰਥੀ।
ਜੇਤੂ ਟੀਮਾਂ ਦੇ ਖਿਡਾਰੀ ਪ੍ਰਬੰਧਕਾਂ ਨਾਲ।
ਬਾਬਾ ਗਾਂਧਾ ਸਿੰਘ ਸਕੂਲ ਵਿਖੇ ਜ਼ੋਨ ਪੱਧਰੀ ਫੁੱਟਬਾਲ ਦੇ ਮੁਕਾਬਲੇ ਕਰਵਾਏ
ਬਰਨਾਲਾ, 1 ਅਗਸਤ-ਬਾਬਾ ਗਾਂਧਾ ਸਿੰਘ ਸਕੂਲ ਵਿਖੇ ਜ਼ੋਨ ਪੱਧਰੀ ਫੁੱਟਬਾਲ ਮੁਕਾਬਲੇ ਕਰਵਾਏ ਗਏ ਜਿਨ੍ਹਾਂ ਵਿਚ ਵੱਖ-ਵੱਖ ਸਕੂਲਾਂ ਦੀਆਂ ਟੀਮਾਂ ਨੇ ਭਾਗ ਲਿਆ। ਫਾਈਨਲ ਮੁਕਾਬਲੇ ਵਿਚ ਮੇਜ਼ਬਾਨ ਸਕੂਲ ਦੀ ਟੀਮ ਨੇ ਜਿੱਤ ਪ੍ਰਾਪਤ ਕੀਤੀ। ਪ੍ਰਬੰਧਕਾਂ ਨੇ ਜੇਤੂ ਟੀਮਾਂ ਨੂੰ ਟਰਾਫ਼ੀਆਂ ਦੇ ਕੇ ਸਨਮਾਨਿਤ ਕੀਤਾ।
ਬਰਨਾਲਾ, 1 ਅਗਸਤ-ਬਾਬਾ ਗਾਂਧਾ ਸਿੰਘ ਸਕੂਲ ਵਿਖੇ ਜ਼ੋਨ ਪੱਧਰੀ ਫੁੱਟਬਾਲ ਮੁਕਾਬਲੇ ਕਰਵਾਏ ਗਏ ਜਿਨ੍ਹਾਂ ਵਿਚ ਵੱਖ-ਵੱਖ ਸਕੂਲਾਂ ਦੀਆਂ ਟੀਮਾਂ ਨੇ ਭਾਗ ਲਿਆ। ਫਾਈਨਲ ਮੁਕਾਬਲੇ ਵਿਚ ਮੇਜ਼ਬਾਨ ਸਕੂਲ ਦੀ ਟੀਮ ਨੇ ਜਿੱਤ ਪ੍ਰਾਪਤ ਕੀਤੀ। ਪ੍ਰਬੰਧਕਾਂ ਨੇ ਜੇਤੂ ਟੀਮਾਂ ਨੂੰ ਟਰਾਫ਼ੀਆਂ ਦੇ ਕੇ ਸਨਮਾਨਿਤ ਕੀਤਾ।
ਪੰਜਾਬ ਸਰਕਾਰ
ਪੰਚਾਇਤ ਸੰਮਤੀ ਬਰਨਾਲਾ
ਈ-ਟੈਂਡਰ ਨੋਟਿਸ ਨੰਬਰ 01/2025-26 ਮਿਤੀ 01.08.2025
ਪੰਚਾਇਤ ਸੰਮਤੀ ਬਰਨਾਲਾ ਵਲੋਂ ਵਿਕਾਸ ਕਾਰਜਾਂ ਲਈ ਯੋਗ ਠੇਕੇਦਾਰਾਂ ਤੋਂ ਆਨਲਾਈਨ ਟੈਂਡਰ ਮੰਗੇ ਜਾਂਦੇ ਹਨ। ਵਧੇਰੇ ਜਾਣਕਾਰੀ ਲਈ ਵੈੱਬਸਾਈਟ https://eproc.punjab.gov.in ਵੇਖੀ ਜਾਵੇ।
ਬਲਾਕ ਵਿਕਾਸ ਤੇ ਪੰਚਾਇਤ ਅਫ਼ਸਰ, ਬਰਨਾਲਾ
PR-Advt. No. 1 Ph 2025-26/1792
PM SHRI SCHOOL, JAWAHAR NAVODAYA VIDYALAYA
VPO: Dhanaula Road, Distt: Barnala (Punjab) PIN-148101
NOTICE FOR WALK-IN INTERVIEW
PM SHRI School Jawahar Navodaya Vidyalaya Barnala invites applications for the following posts on purely contractual basis for the session 2025-26. Interested candidates may appear for walk-in interview with original documents.
Sr.	Post	Eligibility	Remuneration
1	Yoga Teacher	B.P.Ed with Diploma in Yoga	As per norms
2	Music Teacher	Graduate in Music	As per norms
3	Art Teacher	BFA / Diploma in Fine Arts	As per norms
4	Nurse	GNM / B.Sc Nursing	As per norms
5	Counsellor	M.A. Psychology	As per norms
Principal
Date: 01.08.2025
C M Y K	ਅਜੀਤ ਦੇ 7
